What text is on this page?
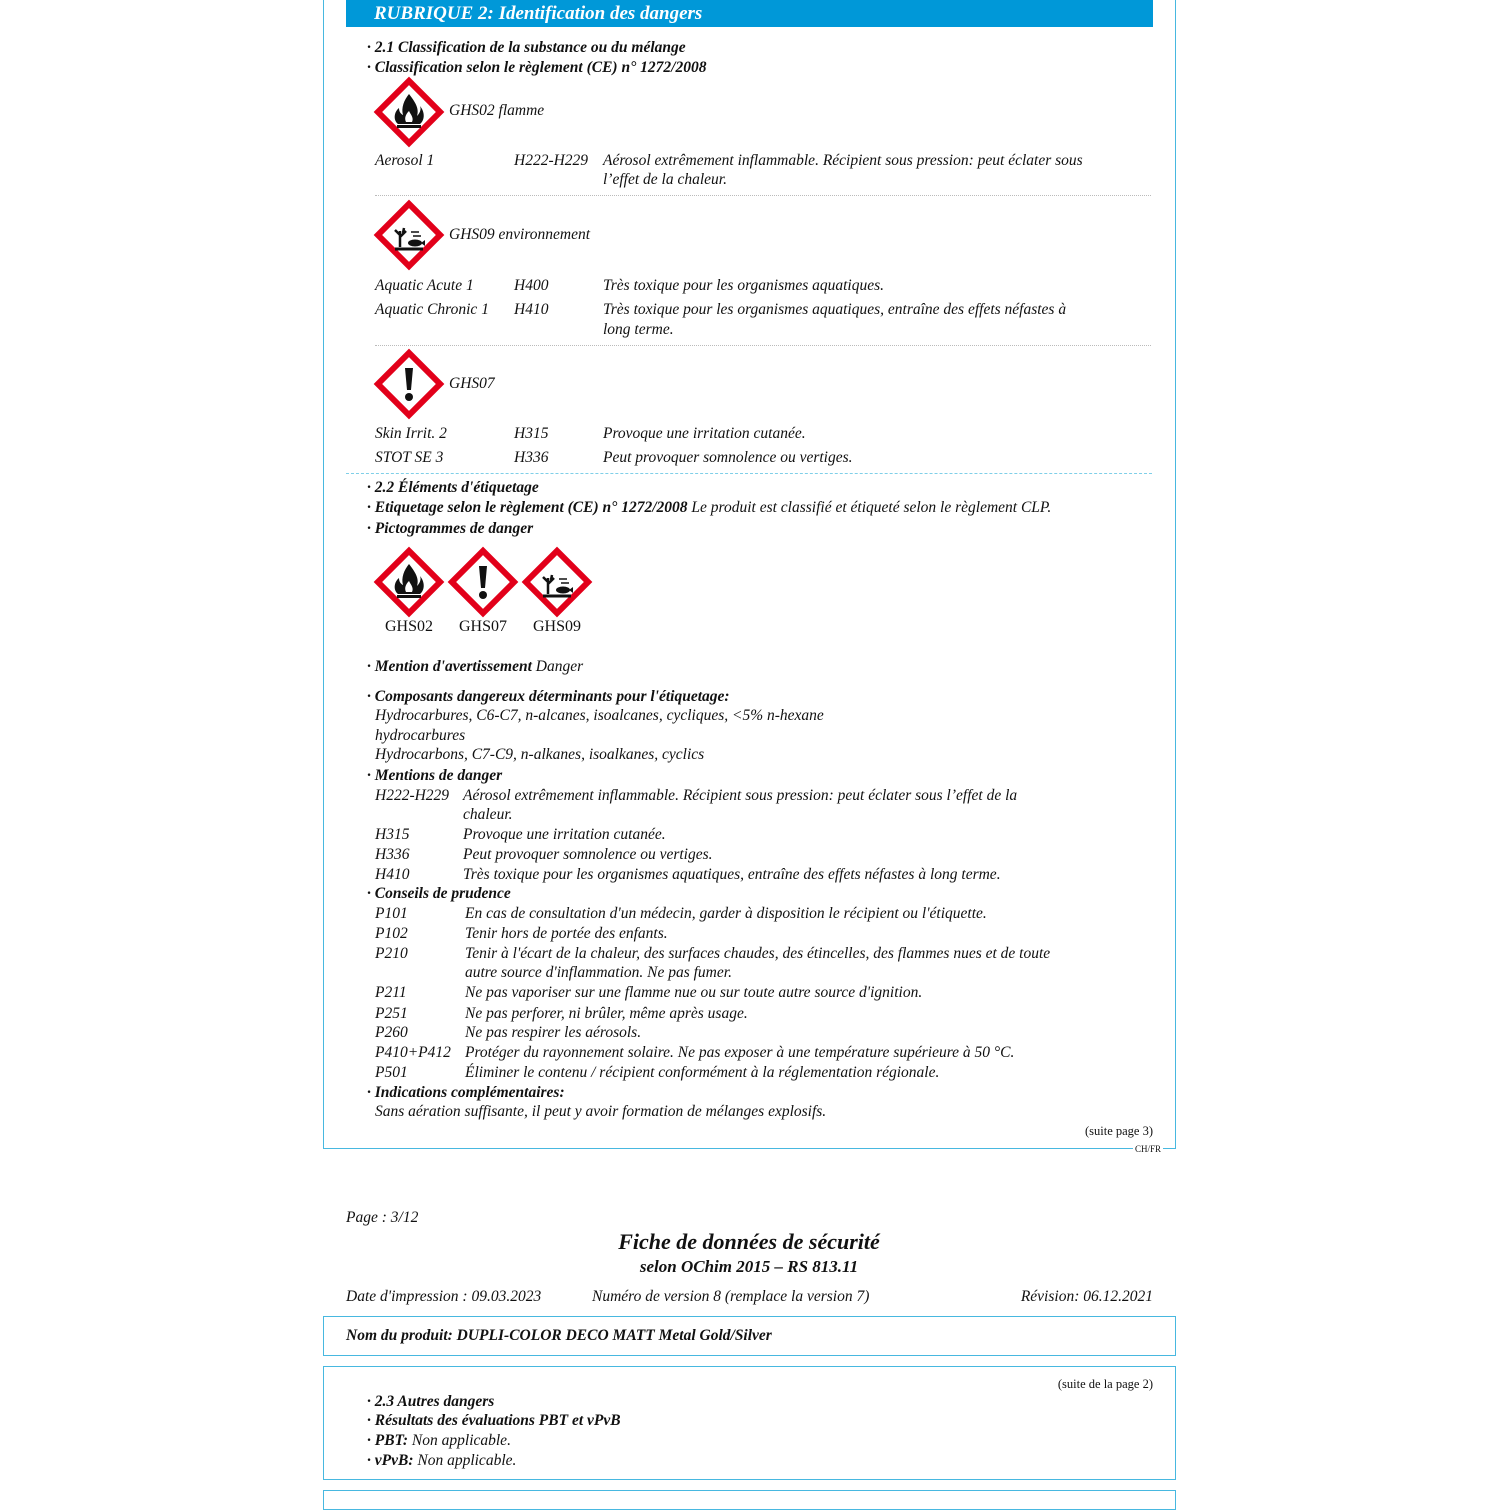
RUBRIQUE 2: Identification des dangers
· 2.1 Classification de la substance ou du mélange
· Classification selon le règlement (CE) n° 1272/2008
GHS02 flamme
Aerosol 1	H222-H229 Aérosol extrêmement inflammable. Récipient sous pression: peut éclater sous
l’effet de la chaleur.
GHS09 environnement
Aquatic Acute 1	H400	Très toxique pour les organismes aquatiques.
Aquatic Chronic 1 H410	Très toxique pour les organismes aquatiques, entraîne des effets néfastes à
long terme.
GHS07
Skin Irrit. 2	H315	Provoque une irritation cutanée.
STOT SE 3	H336	Peut provoquer somnolence ou vertiges.
· 2.2 Éléments d'étiquetage
· Etiquetage selon le règlement (CE) n° 1272/2008 Le produit est classifié et étiqueté selon le règlement CLP.
· Pictogrammes de danger
GHS02	GHS07	GHS09
· Mention d'avertissement Danger
· Composants dangereux déterminants pour l'étiquetage:
Hydrocarbures, C6-C7, n-alcanes, isoalcanes, cycliques, <5% n-hexane
hydrocarbures
Hydrocarbons, C7-C9, n-alkanes, isoalkanes, cyclics
· Mentions de danger
H222-H229 Aérosol extrêmement inflammable. Récipient sous pression: peut éclater sous l’effet de la
chaleur.
H315	Provoque une irritation cutanée.
H336	Peut provoquer somnolence ou vertiges.
H410	Très toxique pour les organismes aquatiques, entraîne des effets néfastes à long terme.
· Conseils de prudence
P101	En cas de consultation d'un médecin, garder à disposition le récipient ou l'étiquette.
P102	Tenir hors de portée des enfants.
P210	Tenir à l'écart de la chaleur, des surfaces chaudes, des étincelles, des flammes nues et de toute
autre source d'inflammation. Ne pas fumer.
P211	Ne pas vaporiser sur une flamme nue ou sur toute autre source d'ignition.
P251	Ne pas perforer, ni brûler, même après usage.
P260	Ne pas respirer les aérosols.
P410+P412 Protéger du rayonnement solaire. Ne pas exposer à une température supérieure à 50 °C.
P501	Éliminer le contenu / récipient conformément à la réglementation régionale.
· Indications complémentaires:
Sans aération suffisante, il peut y avoir formation de mélanges explosifs.
(suite page 3)
CH/FR
Page : 3/12
Fiche de données de sécurité
selon OChim 2015 – RS 813.11
Date d'impression : 09.03.2023	Numéro de version 8 (remplace la version 7)	Révision: 06.12.2021
Nom du produit: DUPLI-COLOR DECO MATT Metal Gold/Silver
(suite de la page 2)
· 2.3 Autres dangers
· Résultats des évaluations PBT et vPvB
· PBT: Non applicable.
· vPvB: Non applicable.
